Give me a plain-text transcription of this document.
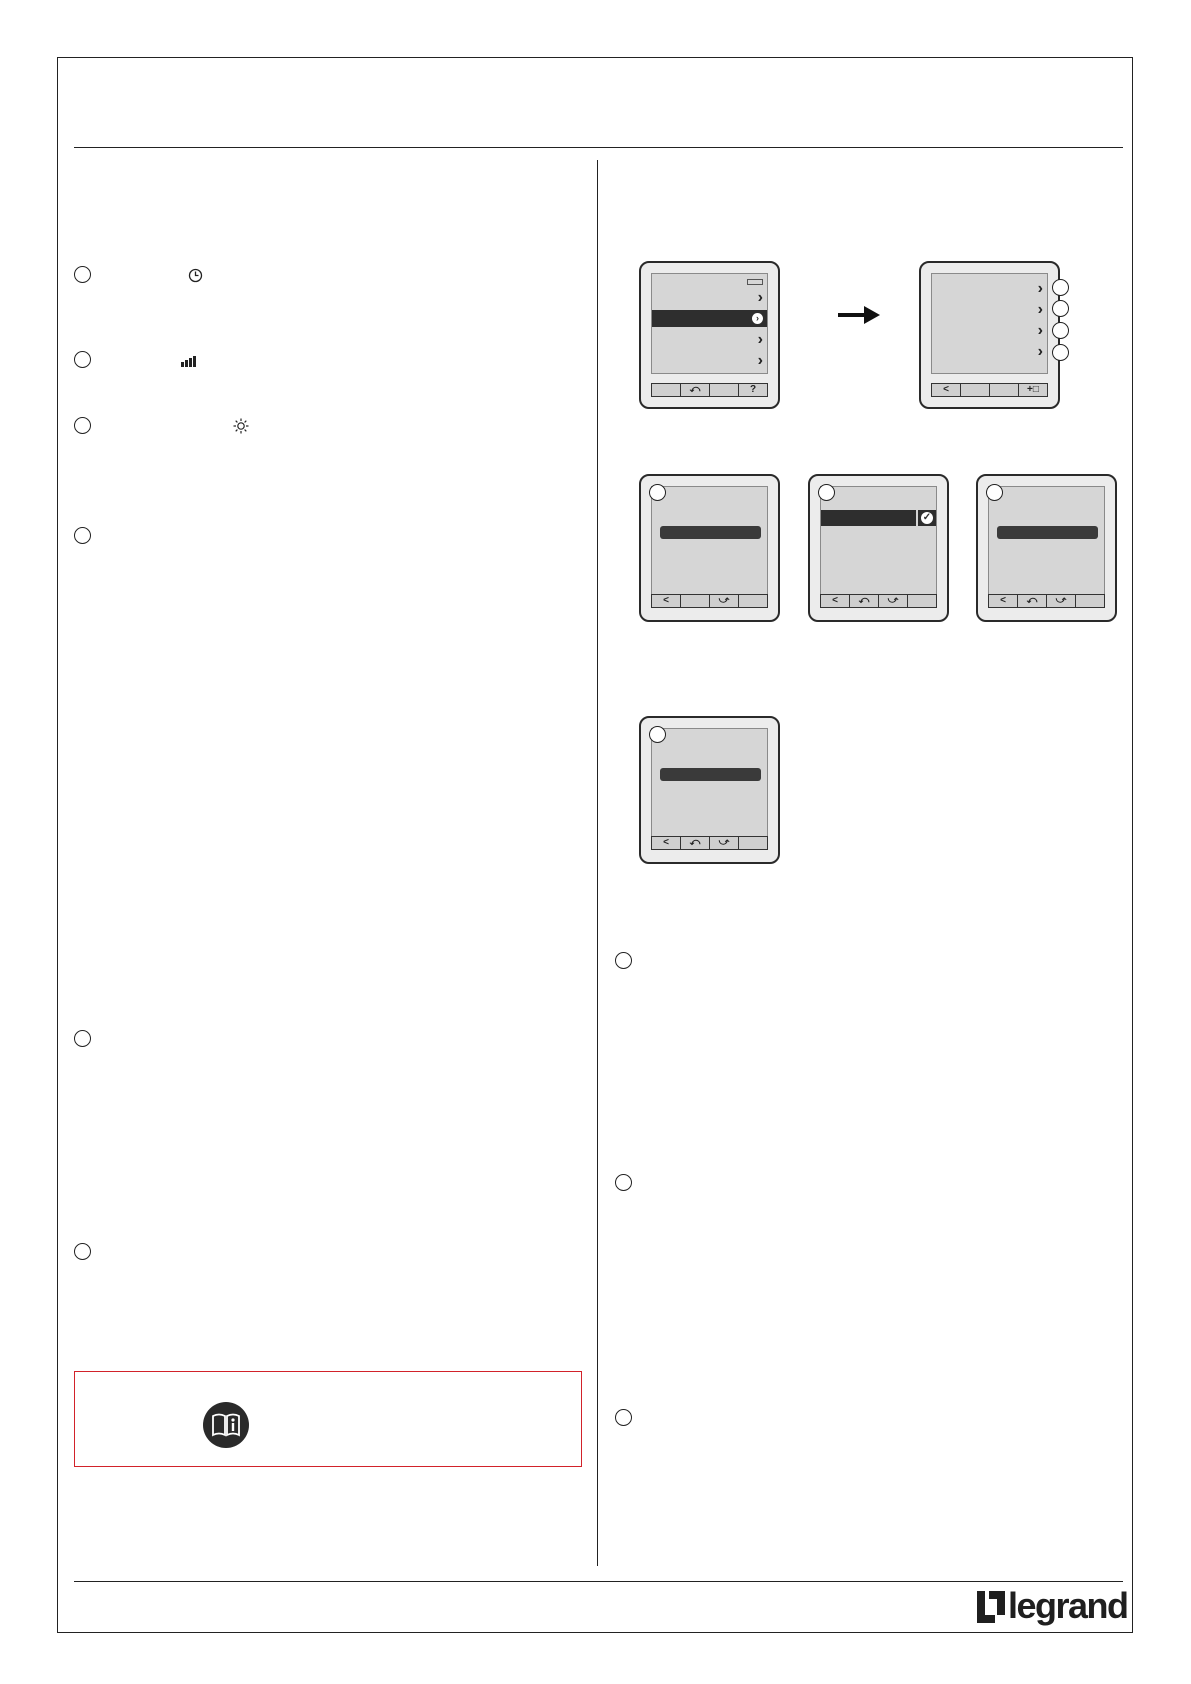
›
›
›
›
⤺	?
›
›
›
›
<	+□
<	⤻
✓
<	⤺	⤻	<	⤺	⤻
<	⤺	⤻
legrand
